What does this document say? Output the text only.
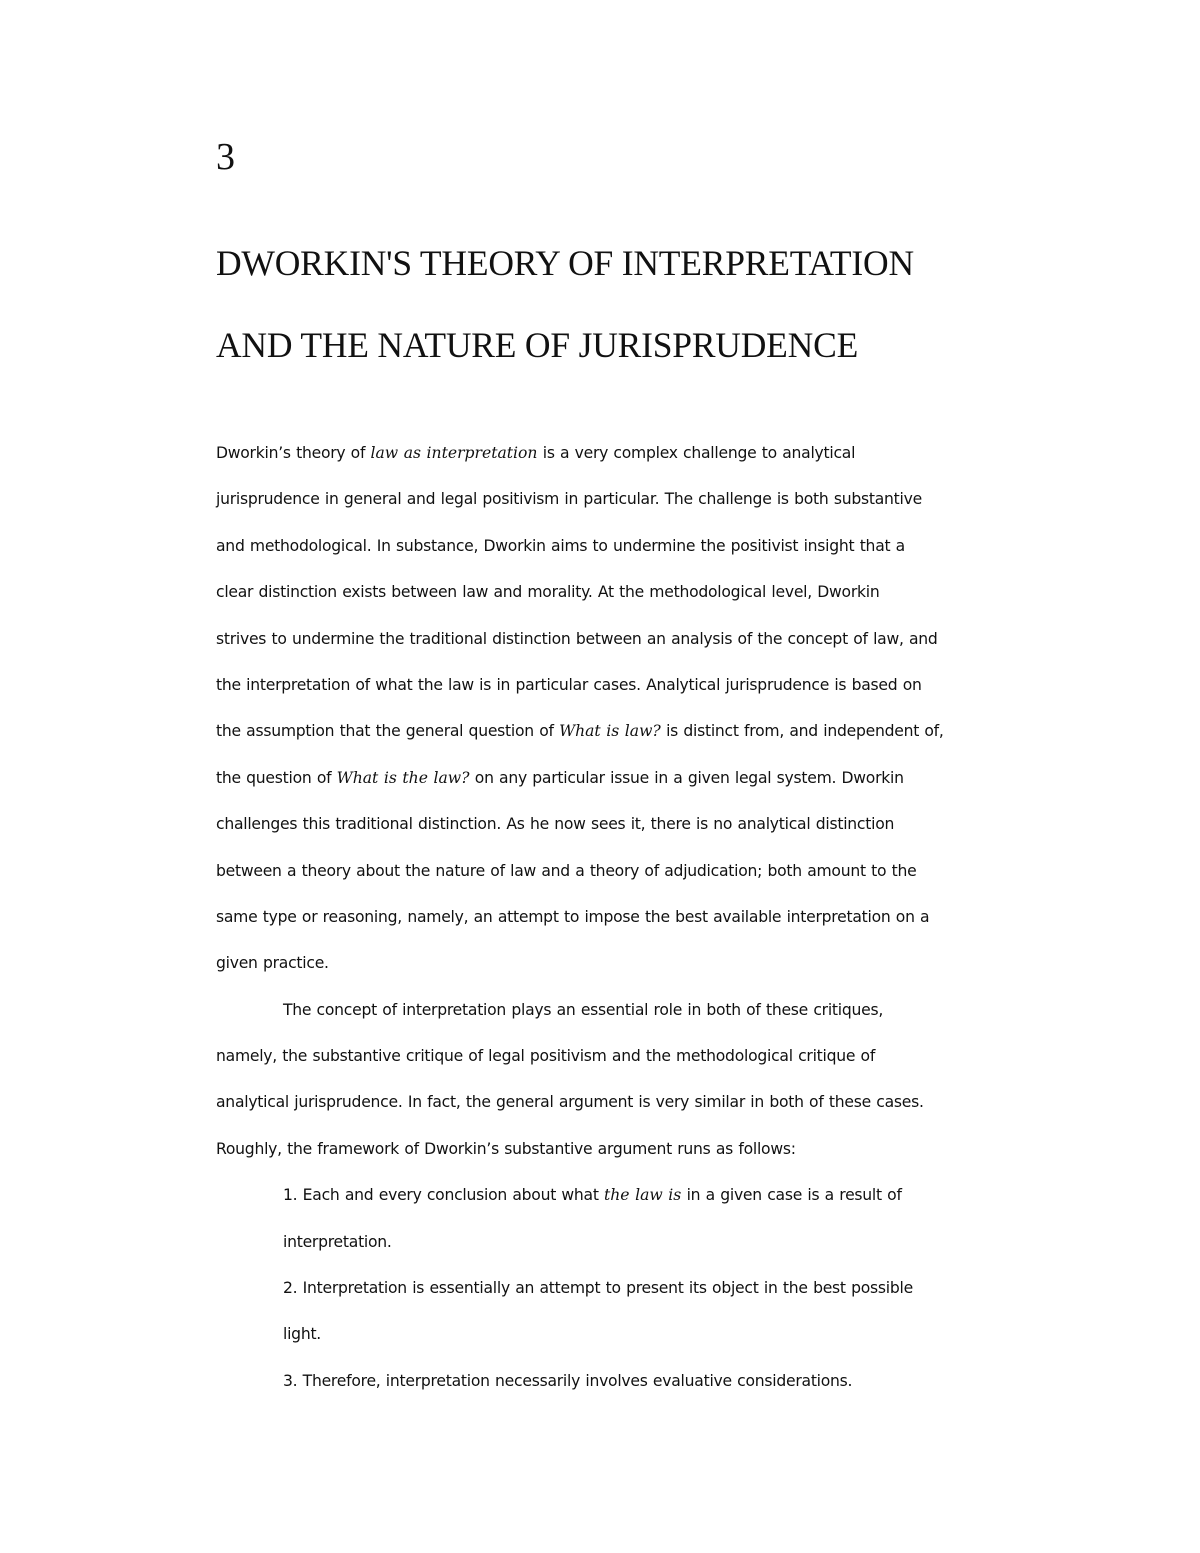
3
DWORKIN'S THEORY OF INTERPRETATION
AND THE NATURE OF JURISPRUDENCE
Dworkin’s theory of law as interpretation is a very complex challenge to analytical
jurisprudence in general and legal positivism in particular. The challenge is both substantive
and methodological. In substance, Dworkin aims to undermine the positivist insight that a
clear distinction exists between law and morality. At the methodological level, Dworkin
strives to undermine the traditional distinction between an analysis of the concept of law, and
the interpretation of what the law is in particular cases. Analytical jurisprudence is based on
the assumption that the general question of What is law? is distinct from, and independent of,
the question of What is the law? on any particular issue in a given legal system. Dworkin
challenges this traditional distinction. As he now sees it, there is no analytical distinction
between a theory about the nature of law and a theory of adjudication; both amount to the
same type or reasoning, namely, an attempt to impose the best available interpretation on a
given practice.
The concept of interpretation plays an essential role in both of these critiques,
namely, the substantive critique of legal positivism and the methodological critique of
analytical jurisprudence. In fact, the general argument is very similar in both of these cases.
Roughly, the framework of Dworkin’s substantive argument runs as follows:
1. Each and every conclusion about what the law is in a given case is a result of
interpretation.
2. Interpretation is essentially an attempt to present its object in the best possible
light.
3. Therefore, interpretation necessarily involves evaluative considerations.
